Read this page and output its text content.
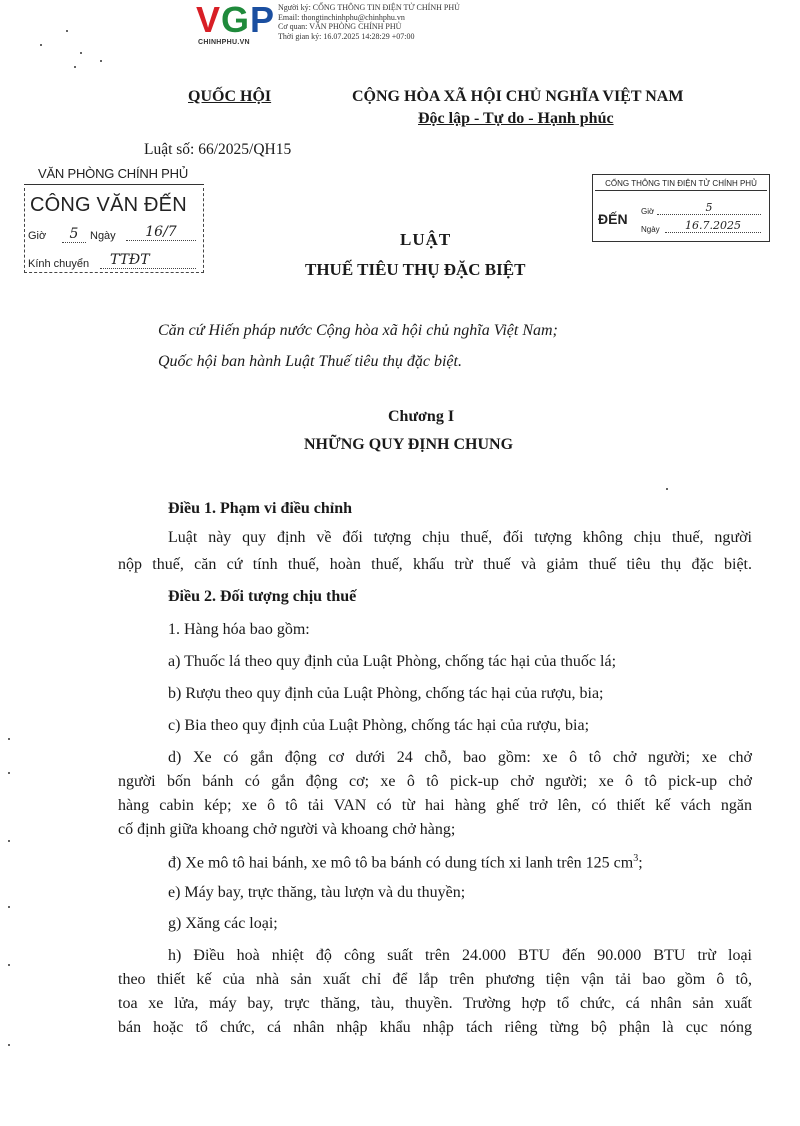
VGP
CHINHPHU.VN
Người ký: CỔNG THÔNG TIN ĐIỆN TỬ CHÍNH PHỦ
Email: thongtinchinhphu@chinhphu.vn
Cơ quan: VĂN PHÒNG CHÍNH PHỦ
Thời gian ký: 16.07.2025 14:28:29 +07:00
QUỐC HỘI	CỘNG HÒA XÃ HỘI CHỦ NGHĨA VIỆT NAM
Độc lập - Tự do - Hạnh phúc
Luật số: 66/2025/QH15
VĂN PHÒNG CHÍNH PHỦ
CÔNG VĂN ĐẾN
Giờ	5	Ngày	16/7
Kính chuyển	TTĐT
CỔNG THÔNG TIN ĐIỆN TỬ CHÍNH PHỦ
ĐẾN Giờ	5
Ngày	16.7.2025
LUẬT
THUẾ TIÊU THỤ ĐẶC BIỆT
Căn cứ Hiến pháp nước Cộng hòa xã hội chủ nghĩa Việt Nam;
Quốc hội ban hành Luật Thuế tiêu thụ đặc biệt.
Chương I
NHỮNG QUY ĐỊNH CHUNG
Điều 1. Phạm vi điều chỉnh
Luật này quy định về đối tượng chịu thuế, đối tượng không chịu thuế, người
nộp thuế, căn cứ tính thuế, hoàn thuế, khấu trừ thuế và giảm thuế tiêu thụ đặc biệt.
Điều 2. Đối tượng chịu thuế
1. Hàng hóa bao gồm:
a) Thuốc lá theo quy định của Luật Phòng, chống tác hại của thuốc lá;
b) Rượu theo quy định của Luật Phòng, chống tác hại của rượu, bia;
c) Bia theo quy định của Luật Phòng, chống tác hại của rượu, bia;
d) Xe có gắn động cơ dưới 24 chỗ, bao gồm: xe ô tô chở người; xe chở
người bốn bánh có gắn động cơ; xe ô tô pick-up chở người; xe ô tô pick-up chở
hàng cabin kép; xe ô tô tải VAN có từ hai hàng ghế trở lên, có thiết kế vách ngăn
cố định giữa khoang chở người và khoang chở hàng;
đ) Xe mô tô hai bánh, xe mô tô ba bánh có dung tích xi lanh trên 125 $cm^3$;
e) Máy bay, trực thăng, tàu lượn và du thuyền;
g) Xăng các loại;
h) Điều hoà nhiệt độ công suất trên 24.000 BTU đến 90.000 BTU trừ loại
theo thiết kế của nhà sản xuất chỉ để lắp trên phương tiện vận tải bao gồm ô tô,
toa xe lửa, máy bay, trực thăng, tàu, thuyền. Trường hợp tổ chức, cá nhân sản xuất
bán hoặc tổ chức, cá nhân nhập khẩu nhập tách riêng từng bộ phận là cục nóng
